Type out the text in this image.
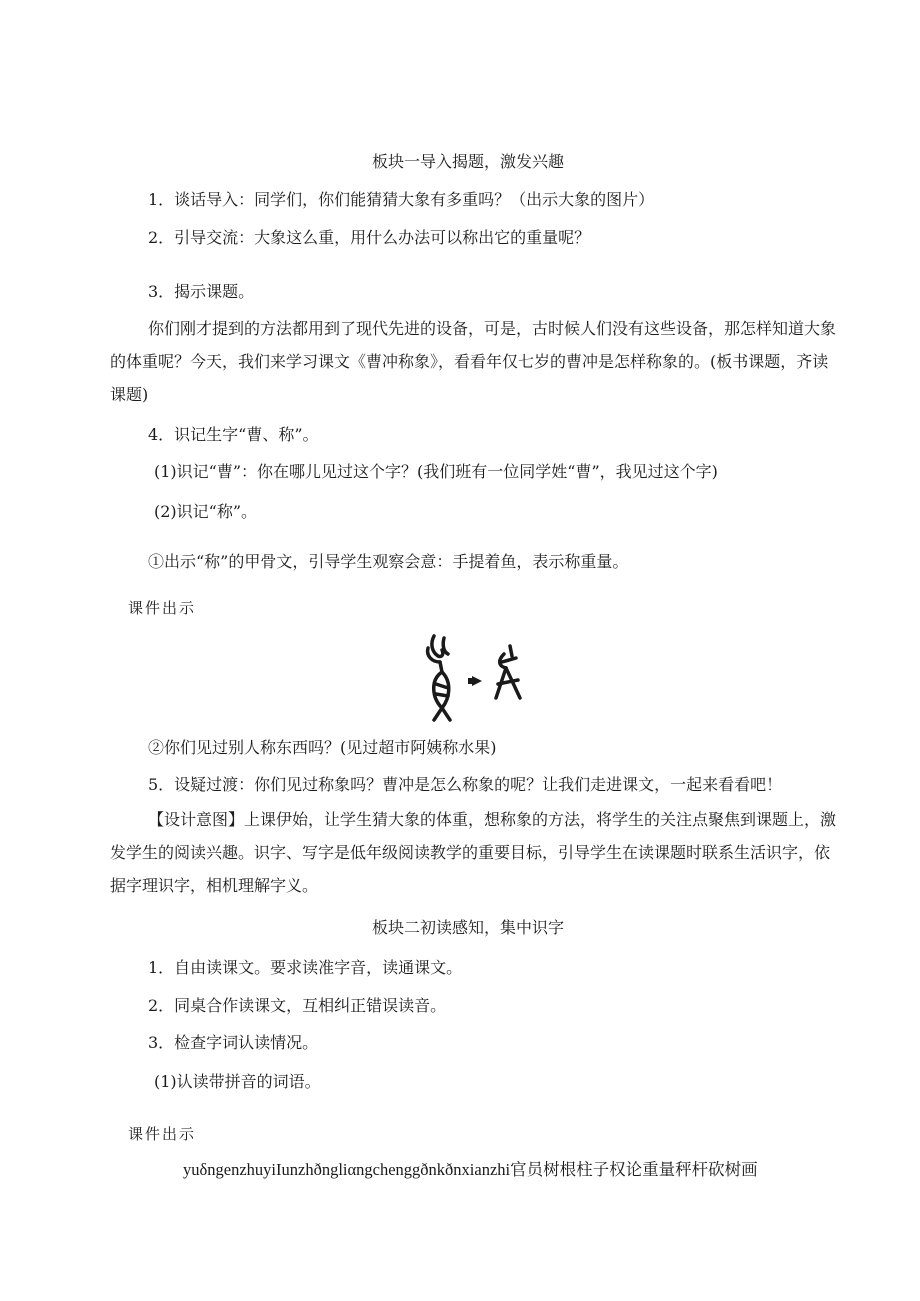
板块一导入揭题，激发兴趣
1．谈话导入：同学们，你们能猜猜大象有多重吗？（出示大象的图片）
2．引导交流：大象这么重，用什么办法可以称出它的重量呢？
3．揭示课题。
你们刚才提到的方法都用到了现代先进的设备，可是，古时候人们没有这些设备，那怎样知道大象的体重呢？今天，我们来学习课文《曹冲称象》，看看年仅七岁的曹冲是怎样称象的。(板书课题，齐读课题)
4．识记生字“曹、称”。
(1)识记“曹”：你在哪儿见过这个字？(我们班有一位同学姓“曹”，我见过这个字)
(2)识记“称”。
①出示“称”的甲骨文，引导学生观察会意：手提着鱼，表示称重量。
课件出示
②你们见过别人称东西吗？(见过超市阿姨称水果)
5．设疑过渡：你们见过称象吗？曹冲是怎么称象的呢？让我们走进课文，一起来看看吧！
【设计意图】上课伊始，让学生猜大象的体重，想称象的方法，将学生的关注点聚焦到课题上，激发学生的阅读兴趣。识字、写字是低年级阅读教学的重要目标，引导学生在读课题时联系生活识字，依据字理识字，相机理解字义。
板块二初读感知，集中识字
1．自由读课文。要求读准字音，读通课文。
2．同桌合作读课文，互相纠正错误读音。
3．检查字词认读情况。
(1)认读带拼音的词语。
课件出示
yuδngenzhuyiIunzhðngliαngchenggðnkðnxianzhi官员树根柱子权论重量秤杆砍树画
